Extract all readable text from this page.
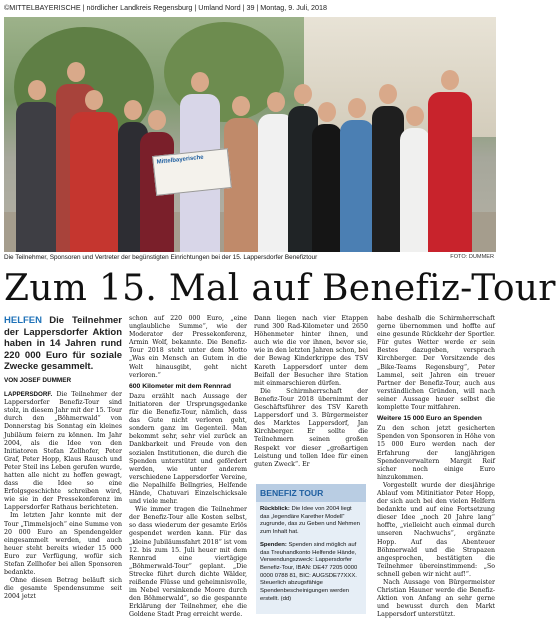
©MITTELBAYERISCHE | nördlicher Landkreis Regensburg | Umland Nord | 39 | Montag, 9. Juli, 2018
Mittelbayerische
Die Teilnehmer, Sponsoren und Vertreter der begünstigten Einrichtungen bei der 15. Lappersdorfer Benefiztour	FOTO: DUMMER
Zum 15. Mal auf Benefiz-Tour
HELFEN Die Teilnehmer der Lappersdorfer Aktion haben in 14 Jahren rund 220 000 Euro für soziale Zwecke gesammelt.
VON JOSEF DUMMER

LAPPERSDORF. Die Teilnehmer der Lappersdorfer Benefiz-Tour sind stolz, in diesem Jahr mit der 15. Tour durch den „Böhmerwald“ von Donnerstag bis Sonntag ein kleines Jubiläum feiern zu können. Im Jahr 2004, als die Idee von den Initiatoren Stefan Zellhofer, Peter Graf, Peter Hopp, Klaus Rausch und Peter Steil ins Leben gerufen wurde, hatten alle nicht zu hoffen gewagt, dass die Idee so eine Erfolgsgeschichte schreiben wird, wie sie in der Pressekonferenz im Lappersdorfer Rathaus berichteten.

Im letzten Jahr konnte mit der Tour „Timmelsjoch“ eine Summe von 20 000 Euro an Spendengelder eingesammelt werden, und auch heuer steht bereits wieder 15 000 Euro zur Verfügung, wofür sich Stefan Zellhofer bei allen Sponsoren bedankte.

Ohne diesen Betrag beläuft sich die gesamte Spendensumme seit 2004 jetzt

schon auf 220 000 Euro, „eine unglaubliche Summe“, wie der Moderator der Pressekonferenz, Armin Wolf, bekannte. Die Benefiz-Tour 2018 steht unter dem Motto „Was ein Mensch an Gutem in die Welt hinausgibt, geht nicht verloren.“

600 Kilometer mit dem Rennrad

Dazu erzählt nach Aussage der Initiatoren der Ursprungsgedanke für die Benefiz-Tour, nämlich, dass das Gute nicht verloren geht, sondern ganz im Gegenteil. Man bekommt sehr, sehr viel zurück an Dankbarkeit und Freude von den sozialen Institutionen, die durch die Spenden unterstützt und gefördert werden, wie unter anderem verschiedene Lappersdorfer Vereine, die Nepalhilfe Bellngries, Helfende Hände, Chatuvari Einzelschicksale und viele mehr.

Wie immer tragen die Teilnehmer der Benefiz-Tour alle Kosten selbst, so dass wiederum der gesamte Erlös gespendet werden kann. Für das „kleine Jubiläumsfahrt 2018“ ist vom 12. bis zum 15. Juli heuer mit dem Rennrad eine viertägige „Böhmerwald-Tour“ geplant. „Die Strecke führt durch dichte Wälder, reißende Flüsse und geheimnisvolle, im Nebel versinkende Moore durch den Böhmerwald“, so die gespannte Erklärung der Teilnehmer, ehe die Goldene Stadt Prag erreicht werde.

Dann liegen nach vier Etappen rund 300 Rad-Kilometer und 2650 Höhenmeter hinter ihnen, und auch wie die vor ihnen, bevor sie, wie in den letzten Jahren schon, bei der Bewag Kinderkrippe des TSV Kareth Lappersdorf unter dem Beifall der Besucher ihre Station mit einmarschieren dürfen.

Die Schirmherrschaft der Benefiz-Tour 2018 übernimmt der Geschäftsführer des TSV Kareth Lappersdorf und 3. Bürgermeister des Marktes Lappersdorf, Jan Kirchberger. Er sollte die Teilnehmern seinen großen Respekt vor dieser „großartigen Leistung und tollen Idee für einen guten Zweck“. Er

BENEFIZ TOUR
Rückblick: Die Idee von 2004 liegt das „legendäre Karether Modell“ zugrunde, das zu Geben und Nehmen zum Inhalt hat.
Spenden: Spenden sind möglich auf das Treuhandkonto Helfende Hände, Verwendungszweck: Lappersdorfer Benefiz-Tour, IBAN: DE47 7205 0000 0000 0788 81, BIC: AUGSDE77XXX. Steuerlich abzugsfähige Spendenbescheinigungen werden erstellt. (dd)

habe deshalb die Schirmherrschaft gerne übernommen und hoffte auf eine gesunde Rückkehr der Sportler. Für gutes Wetter werde er sein Bestes dazugeben, versprach Kirchberger. Der Vorsitzende des „Bike-Teams Regensburg“, Peter Lammel, seit Jahren ein treuer Partner der Benefiz-Tour, auch aus verständlichen Gründen, will nach seiner Aussage heuer selbst die komplette Tour mitfahren.

Weitere 15 000 Euro an Spenden

Zu den schon jetzt gesicherten Spenden von Sponsoren in Höhe von 15 000 Euro werden nach der Erfahrung der langjährigen Spendenverwaltern Margit Reif sicher noch einige Euro hinzukommen.

Vorgestellt wurde der diesjährige Ablauf vom Mitinitiator Peter Hopp, der sich auch bei den vielen Helfern bedankte und auf eine Fortsetzung dieser Idee „noch 20 Jahre lang“ hoffte, „vielleicht auch einmal durch unseren Nachwuchs“, ergänzte Hopp. Auf das Abenteuer Böhmerwald und die Strapazen angesprochen, bestätigten die Teilnehmer übereinstimmend: „So schnell geben wir nicht auf!“.

Nach Aussage von Bürgermeister Christian Hauner werde die Benefiz-Aktion von Anfang an sehr gerne und bewusst durch den Markt Lappersdorf unterstützt.
